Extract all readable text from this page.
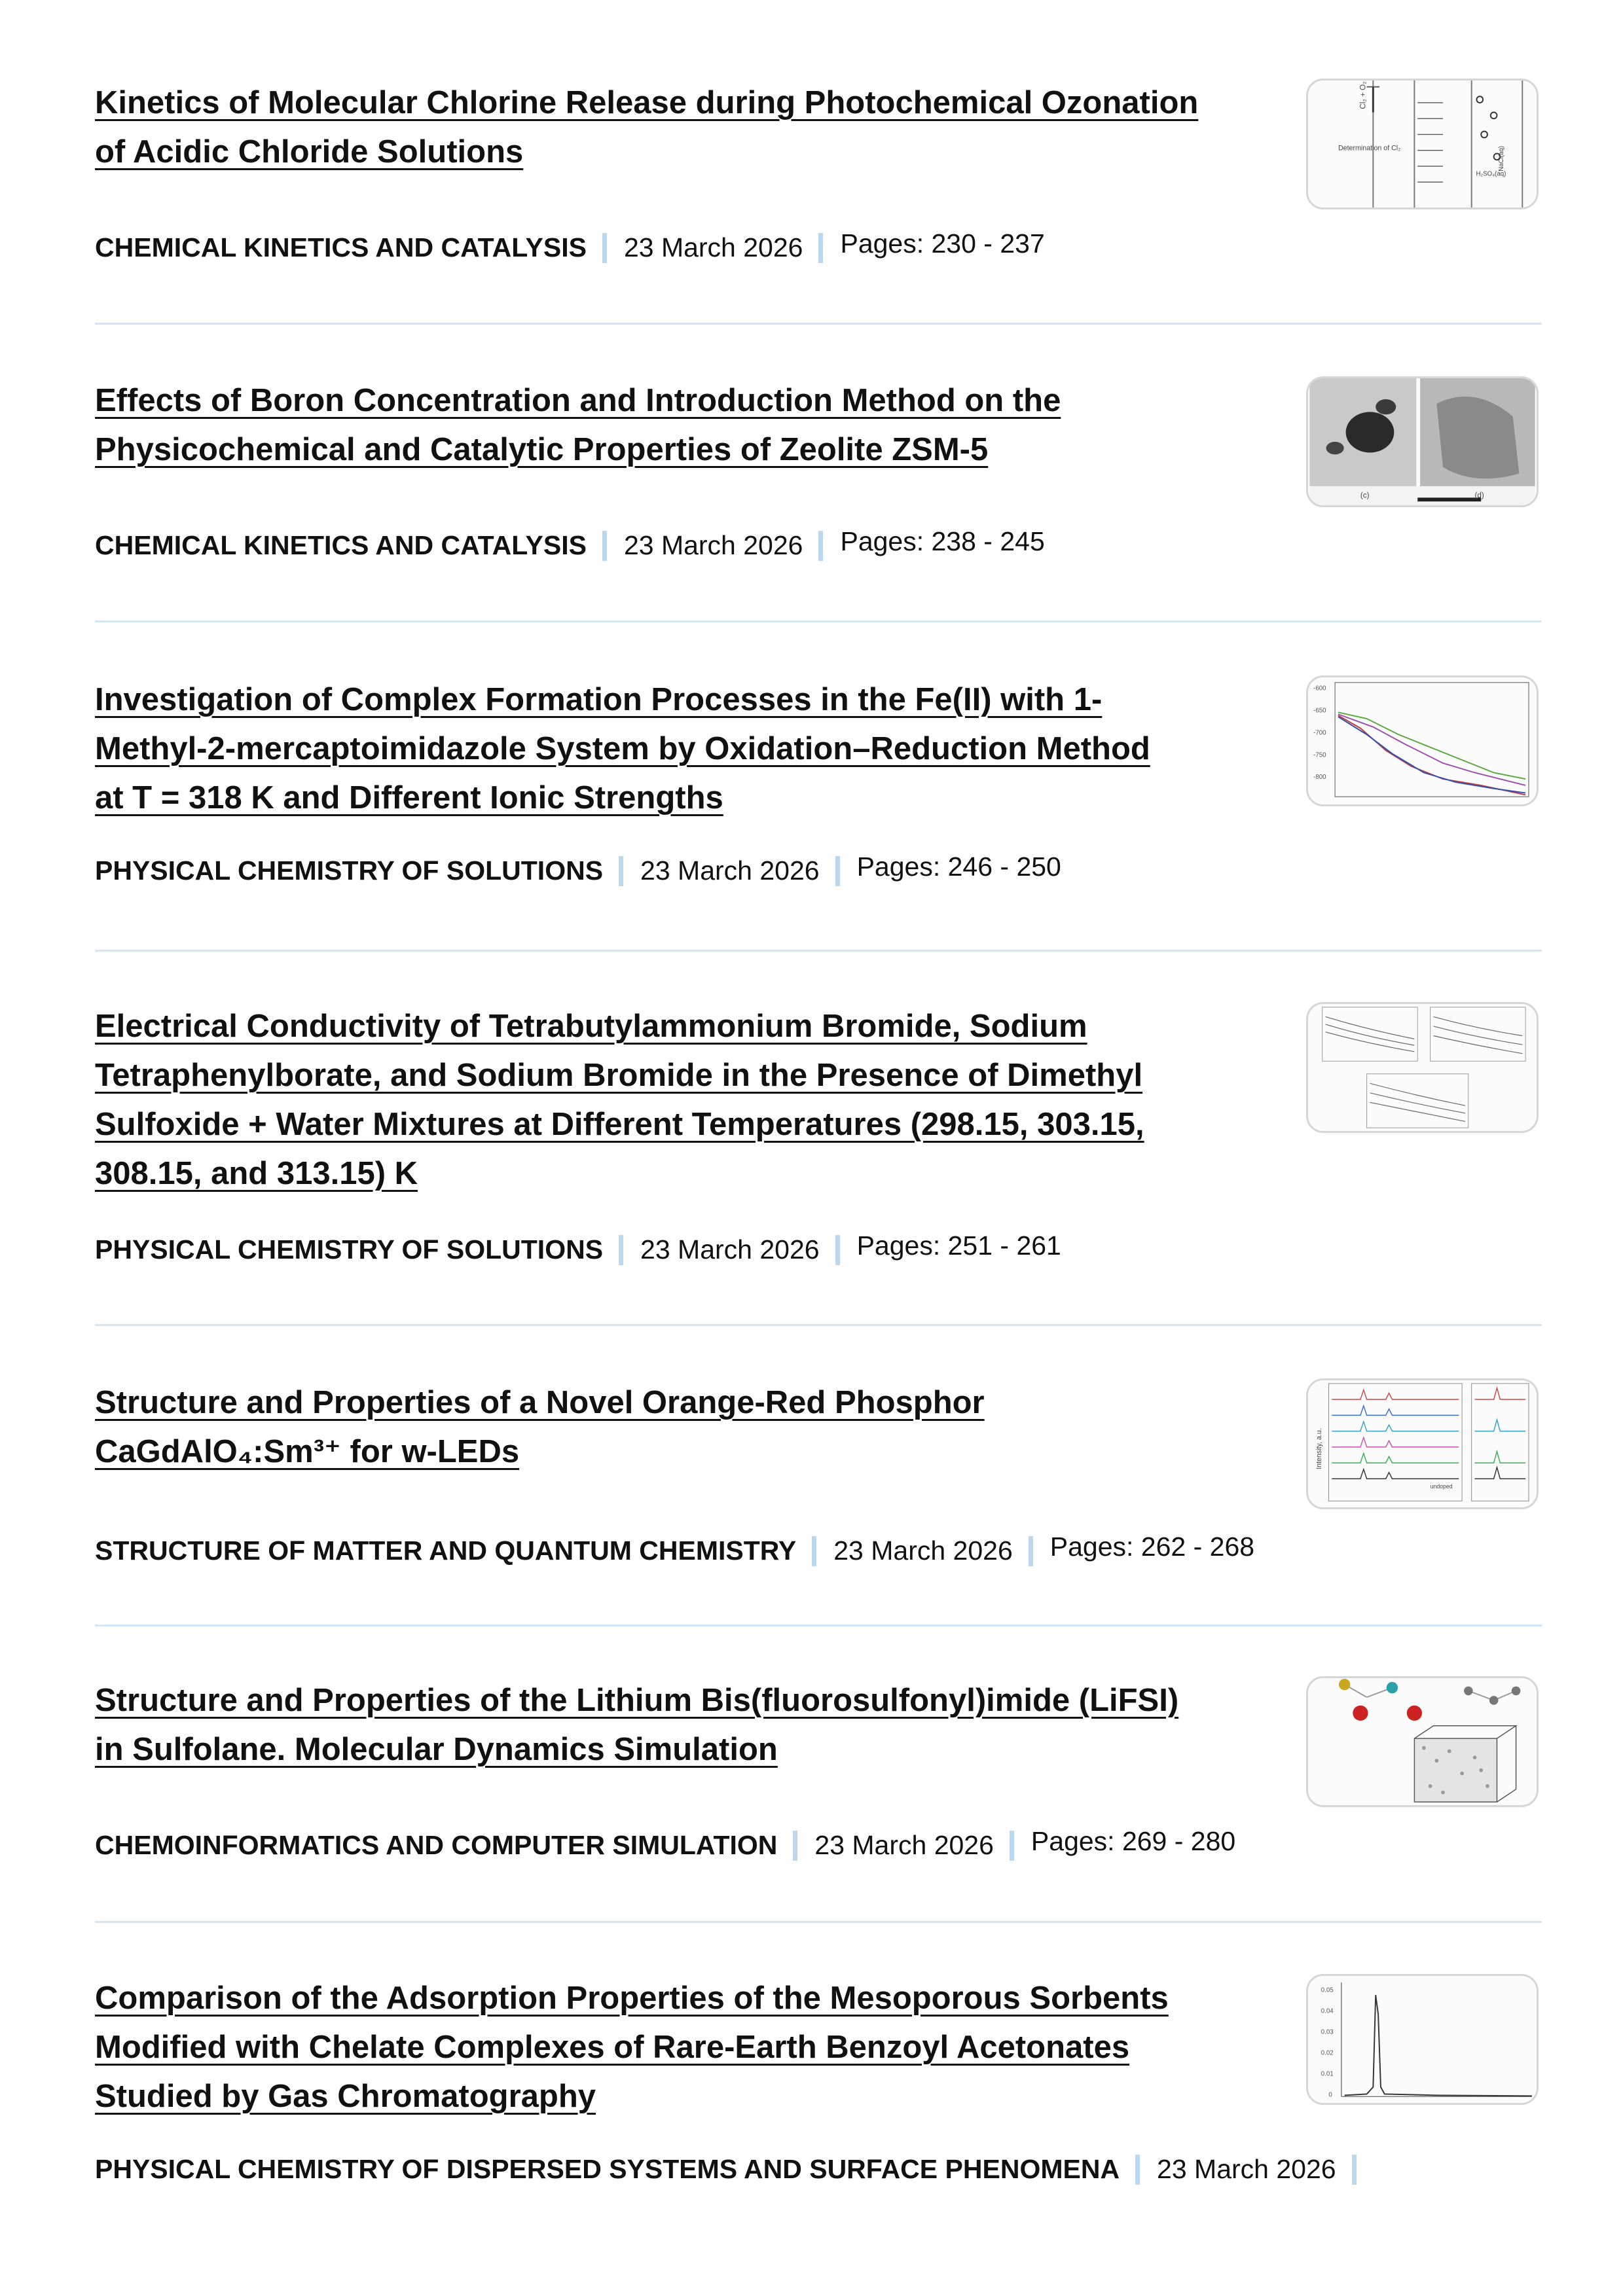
Kinetics of Molecular Chlorine Release during Photochemical Ozonation
of Acidic Chloride Solutions
CHEMICAL KINETICS AND CATALYSIS 23 March 2026 Pages: 230 - 237
Cl₂ + O₂
Determination of Cl₂	NaCl(aq)
H₂SO₄(aq)
Effects of Boron Concentration and Introduction Method on the
Physicochemical and Catalytic Properties of Zeolite ZSM-5
CHEMICAL KINETICS AND CATALYSIS 23 March 2026 Pages: 238 - 245
(c)	(d)
Investigation of Complex Formation Processes in the Fe(II) with 1-
Methyl-2-mercaptoimidazole System by Oxidation–Reduction Method
at T = 318 K and Different Ionic Strengths
PHYSICAL CHEMISTRY OF SOLUTIONS 23 March 2026 Pages: 246 - 250
-600
-650
-700
-750
-800
Electrical Conductivity of Tetrabutylammonium Bromide, Sodium
Tetraphenylborate, and Sodium Bromide in the Presence of Dimethyl
Sulfoxide + Water Mixtures at Different Temperatures (298.15, 303.15,
308.15, and 313.15) K
PHYSICAL CHEMISTRY OF SOLUTIONS 23 March 2026 Pages: 251 - 261
Structure and Properties of a Novel Orange-Red Phosphor
CaGdAlO₄:Sm³⁺ for w-LEDs
STRUCTURE OF MATTER AND QUANTUM CHEMISTRY 23 March 2026 Pages: 262 - 268
Intensity, a.u.
undoped
Structure and Properties of the Lithium Bis(fluorosulfonyl)imide (LiFSI)
in Sulfolane. Molecular Dynamics Simulation
CHEMOINFORMATICS AND COMPUTER SIMULATION 23 March 2026 Pages: 269 - 280
Comparison of the Adsorption Properties of the Mesoporous Sorbents
Modified with Chelate Complexes of Rare-Earth Benzoyl Acetonates
Studied by Gas Chromatography
PHYSICAL CHEMISTRY OF DISPERSED SYSTEMS AND SURFACE PHENOMENA 23 March 2026
0.05
0.04
0.03
0.02
0.01
0
